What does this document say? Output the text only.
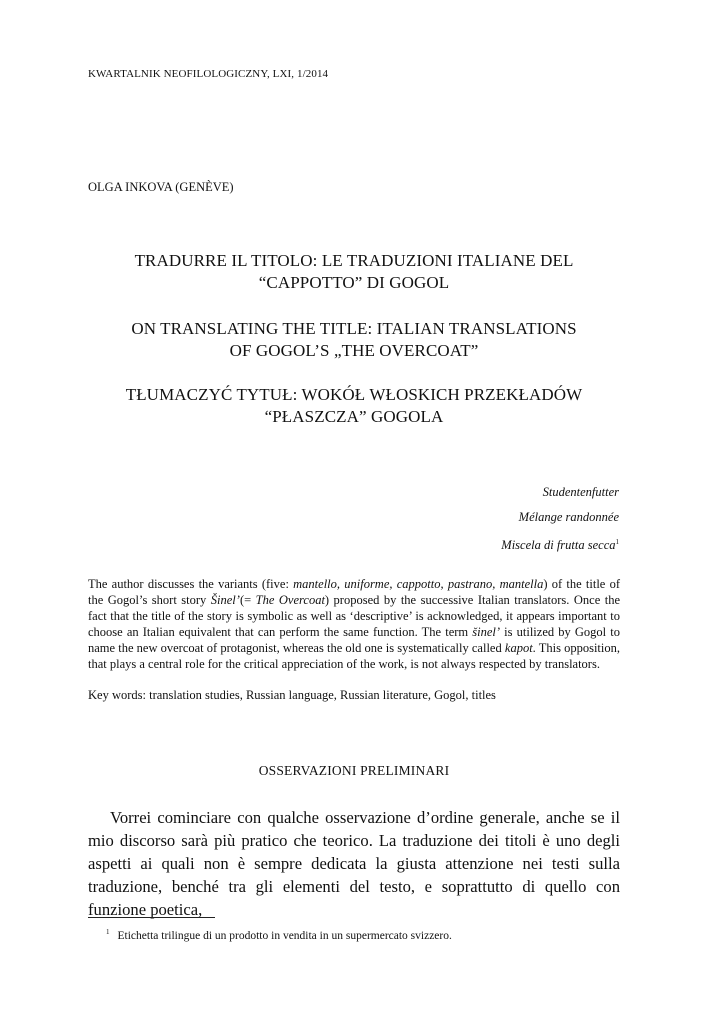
KWARTALNIK NEOFILOLOGICZNY, LXI, 1/2014
OLGA INKOVA (GENÈVE)
TRADURRE IL TITOLO: LE TRADUZIONI ITALIANE DEL
“CAPPOTTO” DI GOGOL
ON TRANSLATING THE TITLE: ITALIAN TRANSLATIONS
OF GOGOL’S „THE OVERCOAT”
TŁUMACZYĆ TYTUŁ: WOKÓŁ WŁOSKICH PRZEKŁADÓW
“PŁASZCZA” GOGOLA
Studentenfutter
Mélange randonnée
Miscela di frutta secca$^1$

The author discusses the variants (five: mantello, uniforme, cappotto, pastrano, mantella) of the title of the Gogol’s short story Šinel’(= The Overcoat) proposed by the successive Italian translators. Once the fact that the title of the story is symbolic as well as ‘descriptive’ is acknowledged, it appears important to choose an Italian equivalent that can perform the same function. The term šinel’ is utilized by Gogol to name the new overcoat of protagonist, whereas the old one is systematically called kapot. This opposition, that plays a central role for the critical appreciation of the work, is not always respected by translators.

Key words: translation studies, Russian language, Russian literature, Gogol, titles
OSSERVAZIONI PRELIMINARI

Vorrei cominciare con qualche osservazione d’ordine generale, anche se il mio discorso sarà più pratico che teorico. La traduzione dei titoli è uno degli aspetti ai quali non è sempre dedicata la giusta attenzione nei testi sulla traduzione, benché tra gli elementi del testo, e soprattutto di quello con funzione poetica,

$^1$ Etichetta trilingue di un prodotto in vendita in un supermercato svizzero.
